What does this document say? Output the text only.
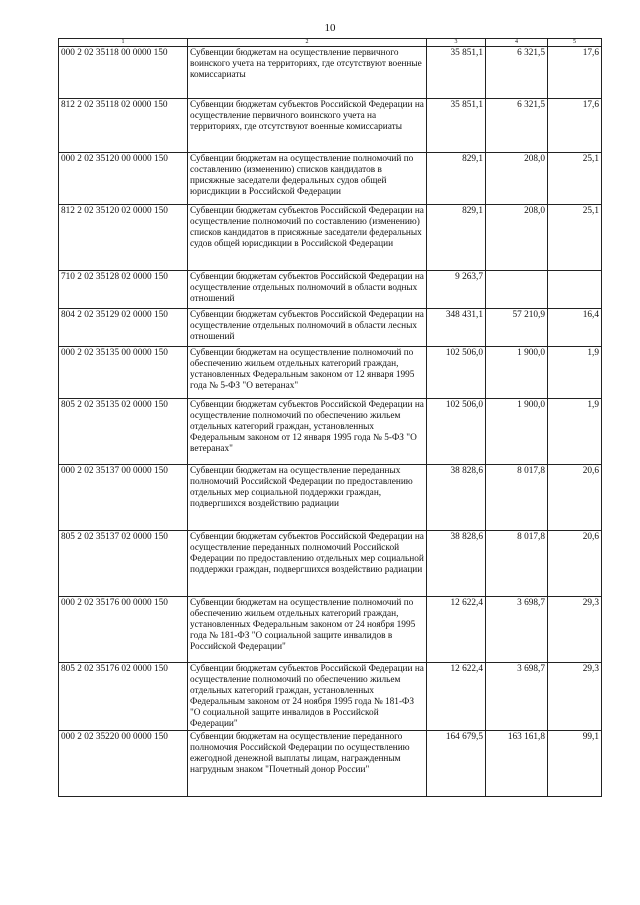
10
1	2	3	4	5
000 2 02 35118 00 0000 150	Субвенции бюджетам на осуществление первичного воинского учета на территориях, где отсутствуют военные комиссариаты	35 851,1	6 321,5	17,6
812 2 02 35118 02 0000 150	Субвенции бюджетам субъектов Российской Федерации на осуществление первичного воинского учета на территориях, где отсутствуют военные комиссариаты	35 851,1	6 321,5	17,6
000 2 02 35120 00 0000 150	Субвенции бюджетам на осуществление полномочий по составлению (изменению) списков кандидатов в присяжные заседатели федеральных судов общей юрисдикции в Российской Федерации	829,1	208,0	25,1
812 2 02 35120 02 0000 150	Субвенции бюджетам субъектов Российской Федерации на осуществление полномочий по составлению (изменению) списков кандидатов в присяжные заседатели федеральных судов общей юрисдикции в Российской Федерации	829,1	208,0	25,1
710 2 02 35128 02 0000 150	Субвенции бюджетам субъектов Российской Федерации на осуществление отдельных полномочий в области водных отношений	9 263,7		
804 2 02 35129 02 0000 150	Субвенции бюджетам субъектов Российской Федерации на осуществление отдельных полномочий в области лесных отношений	348 431,1	57 210,9	16,4
000 2 02 35135 00 0000 150	Субвенции бюджетам на осуществление полномочий по обеспечению жильем отдельных категорий граждан, установленных Федеральным законом от 12 января 1995 года № 5-ФЗ "О ветеранах"	102 506,0	1 900,0	1,9
805 2 02 35135 02 0000 150	Субвенции бюджетам субъектов Российской Федерации на осуществление полномочий по обеспечению жильем отдельных категорий граждан, установленных Федеральным законом от 12 января 1995 года № 5-ФЗ "О ветеранах"	102 506,0	1 900,0	1,9
000 2 02 35137 00 0000 150	Субвенции бюджетам на осуществление переданных полномочий Российской Федерации по предоставлению отдельных мер социальной поддержки граждан, подвергшихся воздействию радиации	38 828,6	8 017,8	20,6
805 2 02 35137 02 0000 150	Субвенции бюджетам субъектов Российской Федерации на осуществление переданных полномочий Российской Федерации по предоставлению отдельных мер социальной поддержки граждан, подвергшихся воздействию радиации	38 828,6	8 017,8	20,6
000 2 02 35176 00 0000 150	Субвенции бюджетам на осуществление полномочий по обеспечению жильем отдельных категорий граждан, установленных Федеральным законом от 24 ноября 1995 года № 181-ФЗ "О социальной защите инвалидов в Российской Федерации"	12 622,4	3 698,7	29,3
805 2 02 35176 02 0000 150	Субвенции бюджетам субъектов Российской Федерации на осуществление полномочий по обеспечению жильем отдельных категорий граждан, установленных Федеральным законом от 24 ноября 1995 года № 181-ФЗ "О социальной защите инвалидов в Российской Федерации"	12 622,4	3 698,7	29,3
000 2 02 35220 00 0000 150	Субвенции бюджетам на осуществление переданного полномочия Российской Федерации по осуществлению ежегодной денежной выплаты лицам, награжденным нагрудным знаком "Почетный донор России"	164 679,5	163 161,8	99,1
